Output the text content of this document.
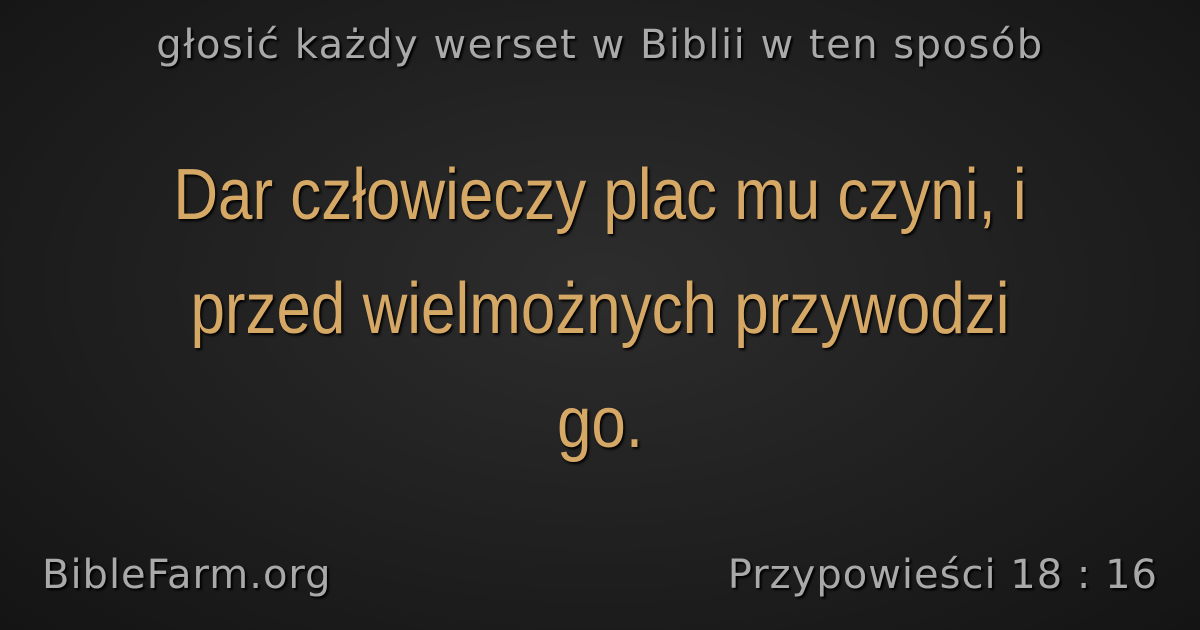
głosić każdy werset w Biblii w ten sposób
Dar człowieczy plac mu czyni, i przed wielmożnych przywodzi go.
BibleFarm.org	Przypowieści 18 : 16
